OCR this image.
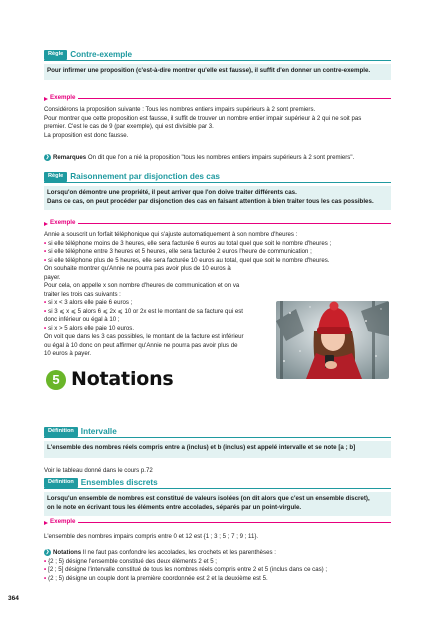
Règle Contre-exemple
Pour infirmer une proposition (c'est-à-dire montrer qu'elle est fausse), il suffit d'en donner un contre-exemple.
Exemple
Considérons la proposition suivante : Tous les nombres entiers impairs supérieurs à 2 sont premiers.
Pour montrer que cette proposition est fausse, il suffit de trouver un nombre entier impair supérieur à 2 qui ne soit pas
premier. C'est le cas de 9 (par exemple), qui est divisible par 3.
La proposition est donc fausse.
❯ Remarques On dit que l'on a nié la proposition "tous les nombres entiers impairs supérieurs à 2 sont premiers".
Règle Raisonnement par disjonction des cas
Lorsqu'on démontre une propriété, il peut arriver que l'on doive traiter différents cas.
Dans ce cas, on peut procéder par disjonction des cas en faisant attention à bien traiter tous les cas possibles.
Exemple
Annie a souscrit un forfait téléphonique qui s'ajuste automatiquement à son nombre d'heures :
• si elle téléphone moins de 3 heures, elle sera facturée 6 euros au total quel que soit le nombre d'heures ;
• si elle téléphone entre 3 heures et 5 heures, elle sera facturée 2 euros l'heure de communication ;
• si elle téléphone plus de 5 heures, elle sera facturée 10 euros au total, quel que soit le nombre d'heures.
On souhaite montrer qu'Annie ne pourra pas avoir plus de 10 euros à
payer.
Pour cela, on appelle x son nombre d'heures de communication et on va
traiter les trois cas suivants :
• si x < 3 alors elle paie 6 euros ;
• si 3 ⩽ x ⩽ 5 alors 6 ⩽ 2x ⩽ 10 or 2x est le montant de sa facture qui est
donc inférieur ou égal à 10 ;
• si x > 5 alors elle paie 10 euros.
On voit que dans les 3 cas possibles, le montant de la facture est inférieur
ou égal à 10 donc on peut affirmer qu'Annie ne pourra pas avoir plus de
10 euros à payer.
5 Notations
Définition Intervalle
L'ensemble des nombres réels compris entre a (inclus) et b (inclus) est appelé intervalle et se note [a ; b]
Voir le tableau donné dans le cours p.72
Définition Ensembles discrets
Lorsqu'un ensemble de nombres est constitué de valeurs isolées (on dit alors que c'est un ensemble discret),
on le note en écrivant tous les éléments entre accolades, séparés par un point-virgule.
Exemple
L'ensemble des nombres impairs compris entre 0 et 12 est {1 ; 3 ; 5 ; 7 ; 9 ; 11}.
❯ Notations Il ne faut pas confondre les accolades, les crochets et les parenthèses :
• {2 ; 5} désigne l'ensemble constitué des deux éléments 2 et 5 ;
• [2 ; 5] désigne l'intervalle constitué de tous les nombres réels compris entre 2 et 5 (inclus dans ce cas) ;
• (2 ; 5) désigne un couple dont la première coordonnée est 2 et la deuxième est 5.
364
